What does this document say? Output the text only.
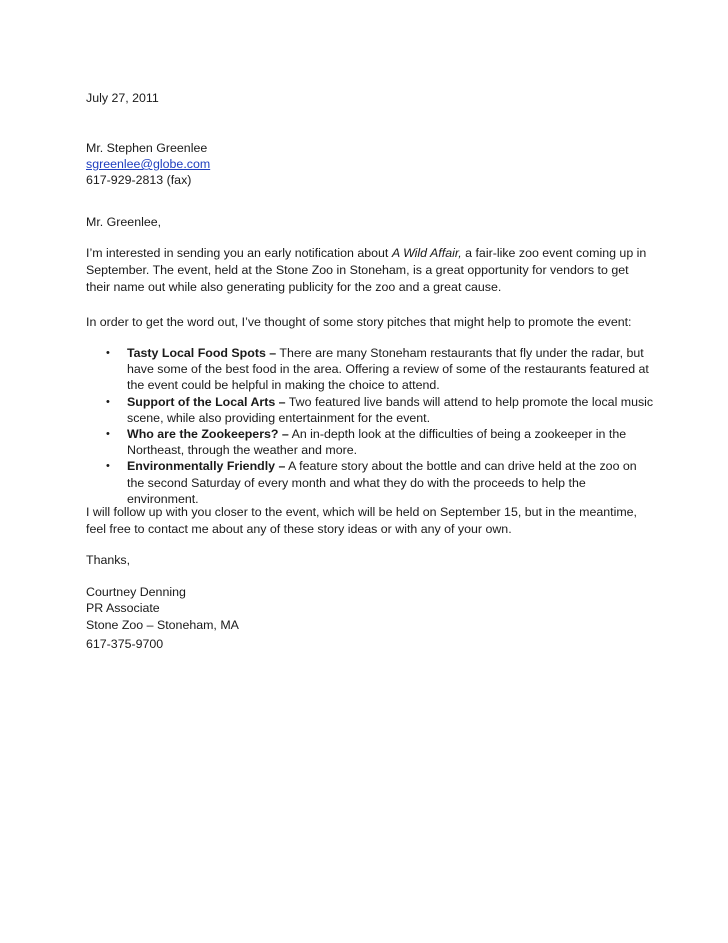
July 27, 2011
Mr. Stephen Greenlee
sgreenlee@globe.com
617-929-2813 (fax)
Mr. Greenlee,
I’m interested in sending you an early notification about A Wild Affair, a fair-like zoo event coming up in September. The event, held at the Stone Zoo in Stoneham, is a great opportunity for vendors to get their name out while also generating publicity for the zoo and a great cause.
In order to get the word out, I’ve thought of some story pitches that might help to promote the event:
• Tasty Local Food Spots – There are many Stoneham restaurants that fly under the radar, but have some of the best food in the area. Offering a review of some of the restaurants featured at the event could be helpful in making the choice to attend.
• Support of the Local Arts – Two featured live bands will attend to help promote the local music scene, while also providing entertainment for the event.
• Who are the Zookeepers? – An in-depth look at the difficulties of being a zookeeper in the Northeast, through the weather and more.
• Environmentally Friendly – A feature story about the bottle and can drive held at the zoo on the second Saturday of every month and what they do with the proceeds to help the environment.
I will follow up with you closer to the event, which will be held on September 15, but in the meantime, feel free to contact me about any of these story ideas or with any of your own.
Thanks,
Courtney Denning
PR Associate
Stone Zoo – Stoneham, MA
617-375-9700
